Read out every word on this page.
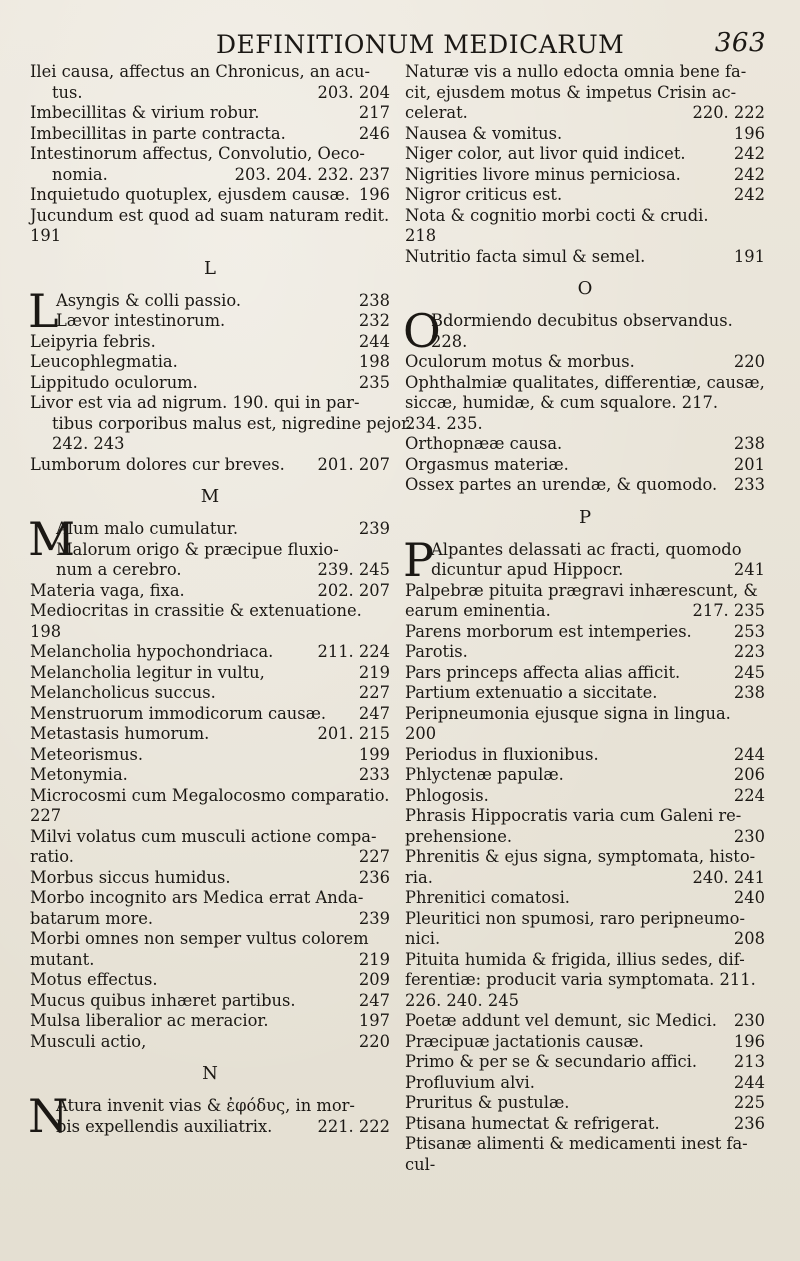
DEFINITIONUM MEDICARUM	363
Ilei causa, affectus an Chronicus, an acu-
tus.	203. 204
Imbecillitas & virium robur.	217
Imbecillitas in parte contracta.	246
Intestinorum affectus, Convolutio, Oeco-
nomia.	203. 204. 232. 237
Inquietudo quotuplex, ejusdem causæ. 196
Jucundum est quod ad suam naturam redit.
191
L
L
Asyngis & colli passio.	238
Lævor intestinorum.	232
Leipyria febris.	244
Leucophlegmatia.	198
Lippitudo oculorum.	235
Livor est via ad nigrum. 190. qui in par-
tibus corporibus malus est, nigredine pejor.
242. 243
Lumborum dolores cur breves. 201. 207
M
M
Alum malo cumulatur.	239
Malorum origo & præcipue fluxio-
num a cerebro.	239. 245
Materia vaga, fixa.	202. 207
Mediocritas in crassitie & extenuatione.
198
Melancholia hypochondriaca.	211. 224
Melancholia legitur in vultu,	219
Melancholicus succus.	227
Menstruorum immodicorum causæ. 247
Metastasis humorum.	201. 215
Meteorismus.	199
Metonymia.	233
Microcosmi cum Megalocosmo comparatio.
227
Milvi volatus cum musculi actione compa-
ratio.	227
Morbus siccus humidus.	236
Morbo incognito ars Medica errat Anda-
batarum more.	239
Morbi omnes non semper vultus colorem
mutant.	219
Motus effectus.	209
Mucus quibus inhæret partibus.	247
Mulsa liberalior ac meracior.	197
Musculi actio,	220
N
N
Atura invenit vias & ἐφόδυς, in mor-
bis expellendis auxiliatrix.	221. 222
Naturæ vis a nullo edocta omnia bene fa-
cit, ejusdem motus & impetus Crisin ac-
celerat.	220. 222
Nausea & vomitus.	196
Niger color, aut livor quid indicet.	242
Nigrities livore minus perniciosa.	242
Nigror criticus est.	242
Nota & cognitio morbi cocti & crudi.
218
Nutritio facta simul & semel.	191
O
O
Bdormiendo decubitus observandus.
228.
Oculorum motus & morbus.	220
Ophthalmiæ qualitates, differentiæ, causæ,
siccæ, humidæ, & cum squalore. 217.
234. 235.
Orthopnææ causa.	238
Orgasmus materiæ.	201
Ossex partes an urendæ, & quomodo. 233
P
P
Alpantes delassati ac fracti, quomodo
dicuntur apud Hippocr.	241
Palpebræ pituita prægravi inhærescunt, &
earum eminentia.	217. 235
Parens morborum est intemperies.	253
Parotis.	223
Pars princeps affecta alias afficit.	245
Partium extenuatio a siccitate.	238
Peripneumonia ejusque signa in lingua.
200
Periodus in fluxionibus.	244
Phlyctenæ papulæ.	206
Phlogosis.	224
Phrasis Hippocratis varia cum Galeni re-
prehensione.	230
Phrenitis & ejus signa, symptomata, histo-
ria.	240. 241
Phrenitici comatosi.	240
Pleuritici non spumosi, raro peripneumo-
nici.	208
Pituita humida & frigida, illius sedes, dif-
ferentiæ: producit varia symptomata. 211.
226. 240. 245
Poetæ addunt vel demunt, sic Medici. 230
Præcipuæ jactationis causæ.	196
Primo & per se & secundario affici. 213
Profluvium alvi.	244
Pruritus & pustulæ.	225
Ptisana humectat & refrigerat.	236
Ptisanæ alimenti & medicamenti inest fa-
cul-
